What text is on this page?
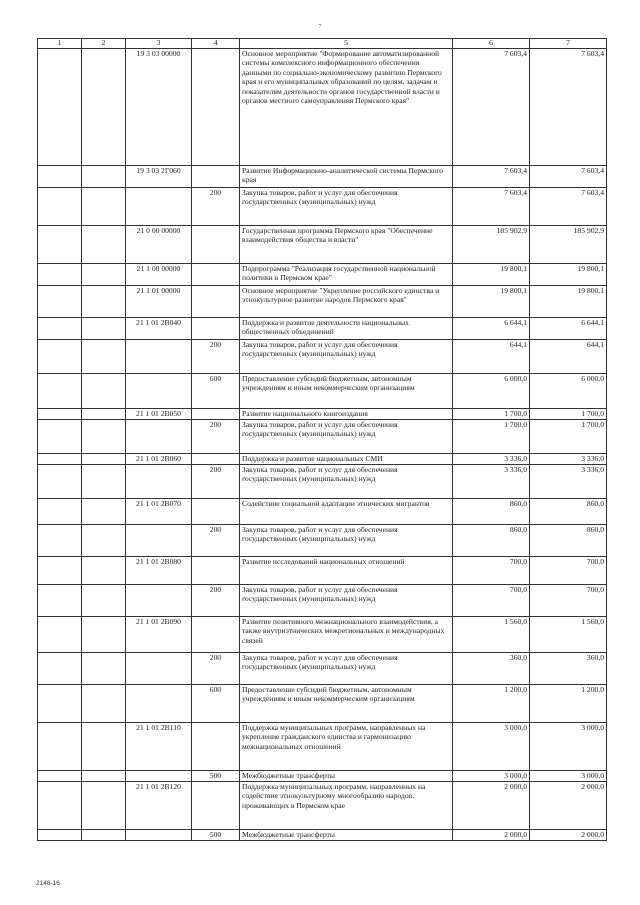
7
1	2	3	4	5	6	7
		19 3 03 00000		Основное мероприятие "Формирование автоматизированной системы комплексного информационного обеспечения данными по социально-экономическому развитию Пермского края и его муниципальных образований по целям, задачам и показателям деятельности органов государственной власти и органов местного самоуправления Пермского края"	7 603,4	7 603,4
		19 3 03 2Г060		Развитие Информационно-аналитической системы Пермского края	7 603,4	7 603,4
			200	Закупка товаров, работ и услуг для обеспечения государственных (муниципальных) нужд	7 603,4	7 603,4
		21 0 00 00000		Государственная программа Пермского края "Обеспечение взаимодействия общества и власти"	185 902,9	185 902,9
		21 1 00 00000		Подпрограмма "Реализация государственной национальной политики в Пермском крае"	19 800,1	19 800,1
		21 1 01 00000		Основное мероприятие "Укрепление российского единства и этнокультурное развитие народов Пермского края"	19 800,1	19 800,1
		21 1 01 2В040		Поддержка и развитие деятельности национальных общественных объединений	6 644,1	6 644,1
			200	Закупка товаров, работ и услуг для обеспечения государственных (муниципальных) нужд	644,1	644,1
			600	Предоставление субсидий бюджетным, автономным учреждениям и иным некоммерческим организациям	6 000,0	6 000,0
		21 1 01 2В050		Развитие национального книгоиздания	1 700,0	1 700,0
			200	Закупка товаров, работ и услуг для обеспечения государственных (муниципальных) нужд	1 700,0	1 700,0
		21 1 01 2В060		Поддержка и развитие национальных СМИ	3 336,0	3 336,0
			200	Закупка товаров, работ и услуг для обеспечения государственных (муниципальных) нужд	3 336,0	3 336,0
		21 1 01 2В070		Содействие социальной адаптации этнических мигрантов	860,0	860,0
			200	Закупка товаров, работ и услуг для обеспечения государственных (муниципальных) нужд	860,0	860,0
		21 1 01 2В080		Развитие исследований национальных отношений	700,0	700,0
			200	Закупка товаров, работ и услуг для обеспечения государственных (муниципальных) нужд	700,0	700,0
		21 1 01 2В090		Развитие позитивного межнационального взаимодействия, а также внутриэтнических межрегиональных и международных связей	1 560,0	1 560,0
			200	Закупка товаров, работ и услуг для обеспечения государственных (муниципальных) нужд	360,0	360,0
			600	Предоставление субсидий бюджетным, автономным учреждениям и иным некоммерческим организациям	1 200,0	1 200,0
		21 1 01 2В110		Поддержка муниципальных программ, направленных на укрепление гражданского единства и гармонизацию межнациональных отношений	3 000,0	3 000,0
			500	Межбюджетные трансферты	3 000,0	3 000,0
		21 1 01 2В120		Поддержка муниципальных программ, направленных на содействие этнокультурному многообразию народов, проживающих в Пермском крае	2 000,0	2 000,0
			500	Межбюджетные трансферты	2 000,0	2 000,0
2148-16
